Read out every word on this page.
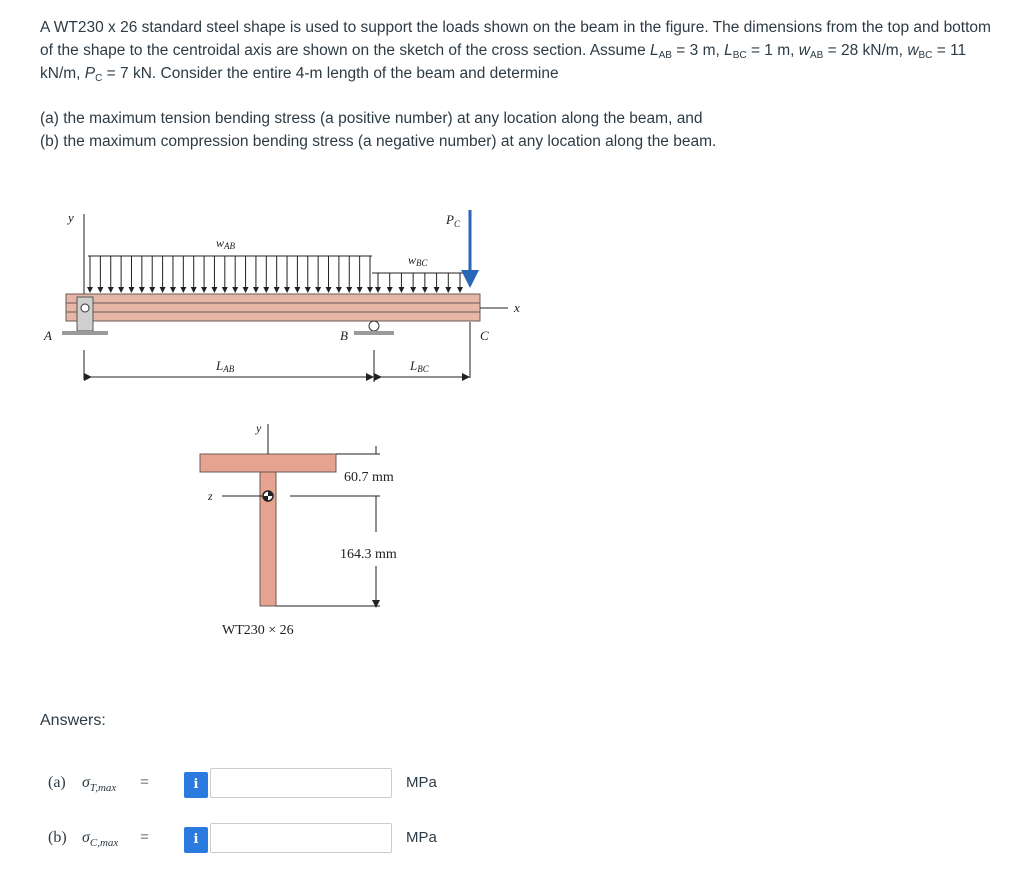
A WT230 x 26 standard steel shape is used to support the loads shown on the beam in the figure. The dimensions from the top and bottom of the shape to the centroidal axis are shown on the sketch of the cross section. Assume $L_{AB} = 3$ m, $L_{BC} = 1$ m, $w_{AB} = 28$ kN/m, $w_{BC} = 11$ kN/m, $P_C = 7$ kN. Consider the entire 4-m length of the beam and determine

(a) the maximum tension bending stress (a positive number) at any location along the beam, and

(b) the maximum compression bending stress (a negative number) at any location along the beam.

y
wAB
wBC
$P_C$
x
A	B	C
LAB	LBC
y
z
60.7 mm
164.3 mm
WT230 × 26
Answers:
(a) $\sigma_{T,max}$ =	i	MPa
(b) $\sigma_{C,max}$ =	i	MPa
